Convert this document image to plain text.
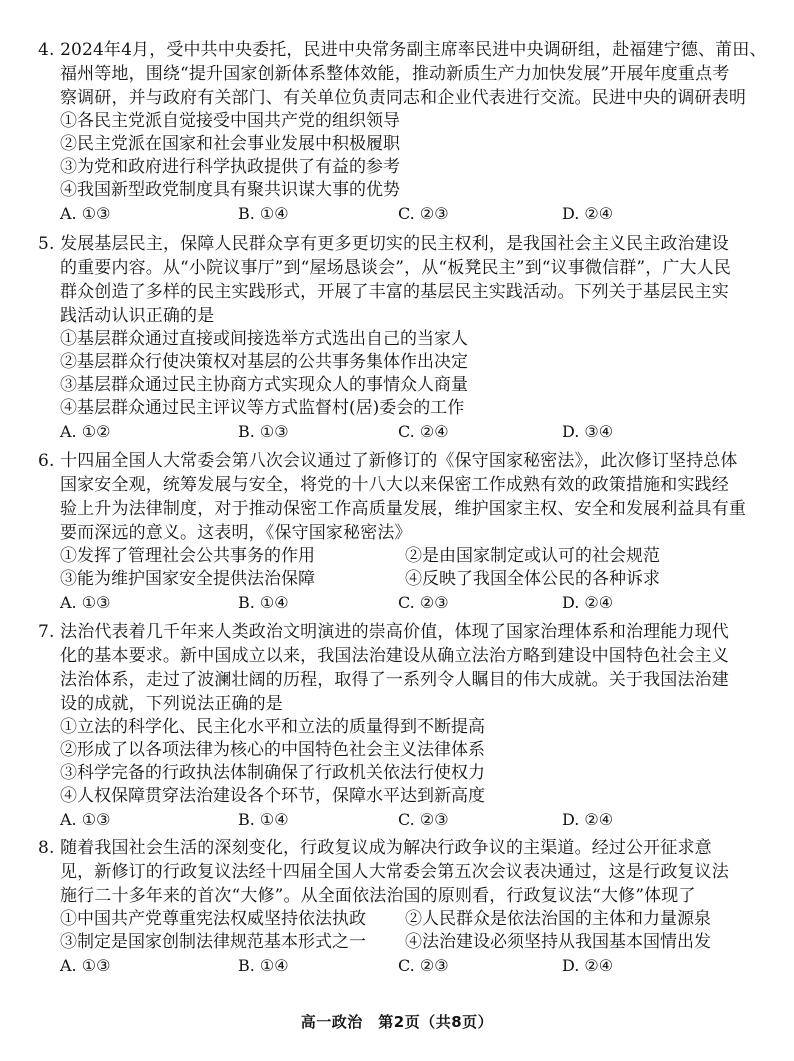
4. 2024年4月，受中共中央委托，民进中央常务副主席率民进中央调研组，赴福建宁德、莆田、
福州等地，围绕“提升国家创新体系整体效能，推动新质生产力加快发展”开展年度重点考
察调研，并与政府有关部门、有关单位负责同志和企业代表进行交流。民进中央的调研表明
①各民主党派自觉接受中国共产党的组织领导
②民主党派在国家和社会事业发展中积极履职
③为党和政府进行科学执政提供了有益的参考
④我国新型政党制度具有聚共识谋大事的优势
A. ①③	B. ①④	C. ②③	D. ②④
5. 发展基层民主，保障人民群众享有更多更切实的民主权利，是我国社会主义民主政治建设
的重要内容。从“小院议事厅”到“屋场恳谈会”，从“板凳民主”到“议事微信群”，广大人民
群众创造了多样的民主实践形式，开展了丰富的基层民主实践活动。下列关于基层民主实
践活动认识正确的是
①基层群众通过直接或间接选举方式选出自己的当家人
②基层群众行使决策权对基层的公共事务集体作出决定
③基层群众通过民主协商方式实现众人的事情众人商量
④基层群众通过民主评议等方式监督村(居)委会的工作
A. ①②	B. ①③	C. ②④	D. ③④
6. 十四届全国人大常委会第八次会议通过了新修订的《保守国家秘密法》，此次修订坚持总体
国家安全观，统筹发展与安全，将党的十八大以来保密工作成熟有效的政策措施和实践经
验上升为法律制度，对于推动保密工作高质量发展，维护国家主权、安全和发展利益具有重
要而深远的意义。这表明，《保守国家秘密法》
①发挥了管理社会公共事务的作用	②是由国家制定或认可的社会规范
③能为维护国家安全提供法治保障	④反映了我国全体公民的各种诉求
A. ①③	B. ①④	C. ②③	D. ②④
7. 法治代表着几千年来人类政治文明演进的崇高价值，体现了国家治理体系和治理能力现代
化的基本要求。新中国成立以来，我国法治建设从确立法治方略到建设中国特色社会主义
法治体系，走过了波澜壮阔的历程，取得了一系列令人瞩目的伟大成就。关于我国法治建
设的成就，下列说法正确的是
①立法的科学化、民主化水平和立法的质量得到不断提高
②形成了以各项法律为核心的中国特色社会主义法律体系
③科学完备的行政执法体制确保了行政机关依法行使权力
④人权保障贯穿法治建设各个环节，保障水平达到新高度
A. ①③	B. ①④	C. ②③	D. ②④
8. 随着我国社会生活的深刻变化，行政复议成为解决行政争议的主渠道。经过公开征求意
见，新修订的行政复议法经十四届全国人大常委会第五次会议表决通过，这是行政复议法
施行二十多年来的首次“大修”。从全面依法治国的原则看，行政复议法“大修”体现了
①中国共产党尊重宪法权威坚持依法执政 ②人民群众是依法治国的主体和力量源泉
③制定是国家创制法律规范基本形式之一 ④法治建设必须坚持从我国基本国情出发
A. ①③	B. ①④	C. ②③	D. ②④
高一政治　第2页（共8页）
